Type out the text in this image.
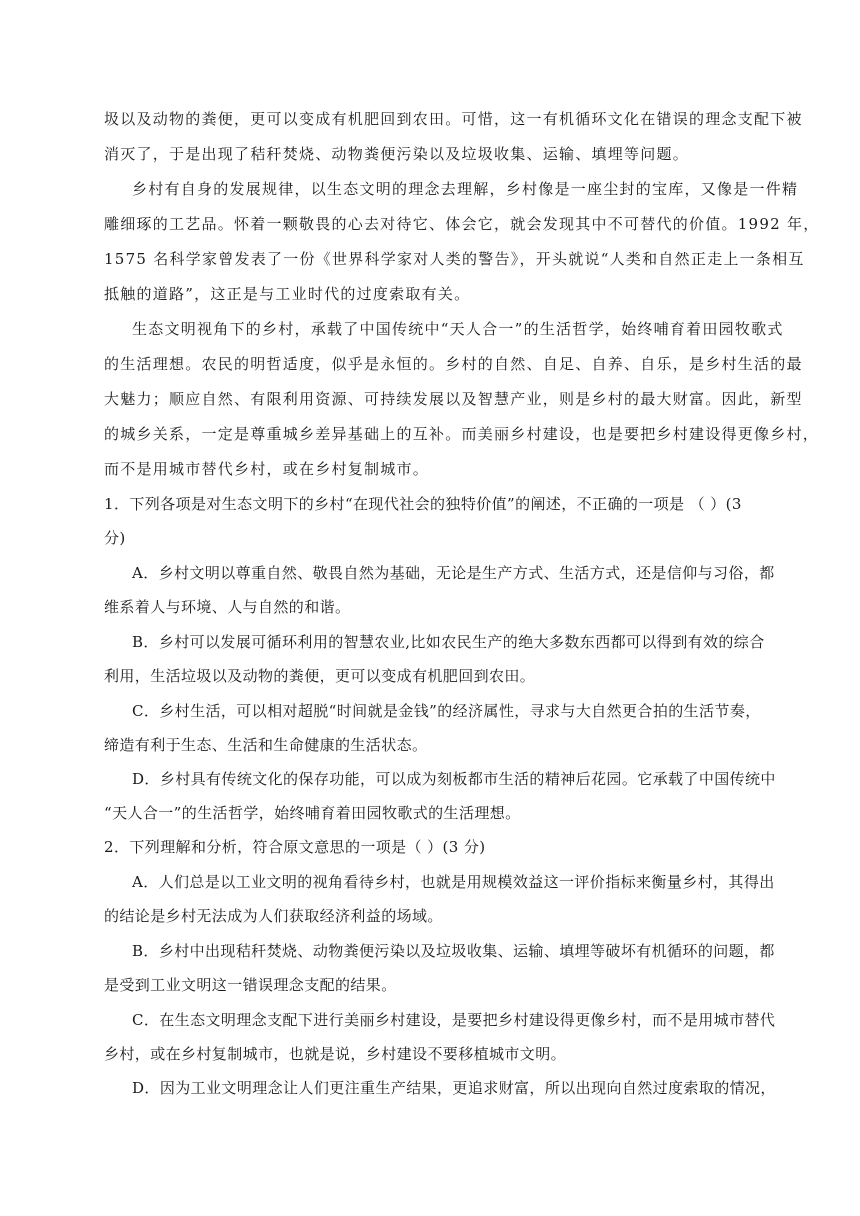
圾以及动物的粪便，更可以变成有机肥回到农田。可惜，这一有机循环文化在错误的理念支配下被
消灭了，于是出现了秸秆焚烧、动物粪便污染以及垃圾收集、运输、填埋等问题。
乡村有自身的发展规律，以生态文明的理念去理解，乡村像是一座尘封的宝库，又像是一件精
雕细琢的工艺品。怀着一颗敬畏的心去对待它、体会它，就会发现其中不可替代的价值。1992 年，
1575 名科学家曾发表了一份《世界科学家对人类的警告》，开头就说“人类和自然正走上一条相互
抵触的道路”，这正是与工业时代的过度索取有关。
生态文明视角下的乡村，承载了中国传统中“天人合一”的生活哲学，始终哺育着田园牧歌式
的生活理想。农民的明哲适度，似乎是永恒的。乡村的自然、自足、自养、自乐，是乡村生活的最
大魅力；顺应自然、有限利用资源、可持续发展以及智慧产业，则是乡村的最大财富。因此，新型
的城乡关系，一定是尊重城乡差异基础上的互补。而美丽乡村建设，也是要把乡村建设得更像乡村，
而不是用城市替代乡村，或在乡村复制城市。
1．下列各项是对生态文明下的乡村“在现代社会的独特价值”的阐述，不正确的一项是 （ ）(3
分)
A．乡村文明以尊重自然、敬畏自然为基础，无论是生产方式、生活方式，还是信仰与习俗，都
维系着人与环境、人与自然的和谐。
B．乡村可以发展可循环利用的智慧农业,比如农民生产的绝大多数东西都可以得到有效的综合
利用，生活垃圾以及动物的粪便，更可以变成有机肥回到农田。
C．乡村生活，可以相对超脱“时间就是金钱”的经济属性，寻求与大自然更合拍的生活节奏，
缔造有利于生态、生活和生命健康的生活状态。
D．乡村具有传统文化的保存功能，可以成为刻板都市生活的精神后花园。它承载了中国传统中
“天人合一”的生活哲学，始终哺育着田园牧歌式的生活理想。
2．下列理解和分析，符合原文意思的一项是（ ）(3 分)
A．人们总是以工业文明的视角看待乡村，也就是用规模效益这一评价指标来衡量乡村，其得出
的结论是乡村无法成为人们获取经济利益的场域。
B．乡村中出现秸秆焚烧、动物粪便污染以及垃圾收集、运输、填埋等破坏有机循环的问题，都
是受到工业文明这一错误理念支配的结果。
C．在生态文明理念支配下进行美丽乡村建设，是要把乡村建设得更像乡村，而不是用城市替代
乡村，或在乡村复制城市，也就是说，乡村建设不要移植城市文明。
D．因为工业文明理念让人们更注重生产结果，更追求财富，所以出现向自然过度索取的情况，
